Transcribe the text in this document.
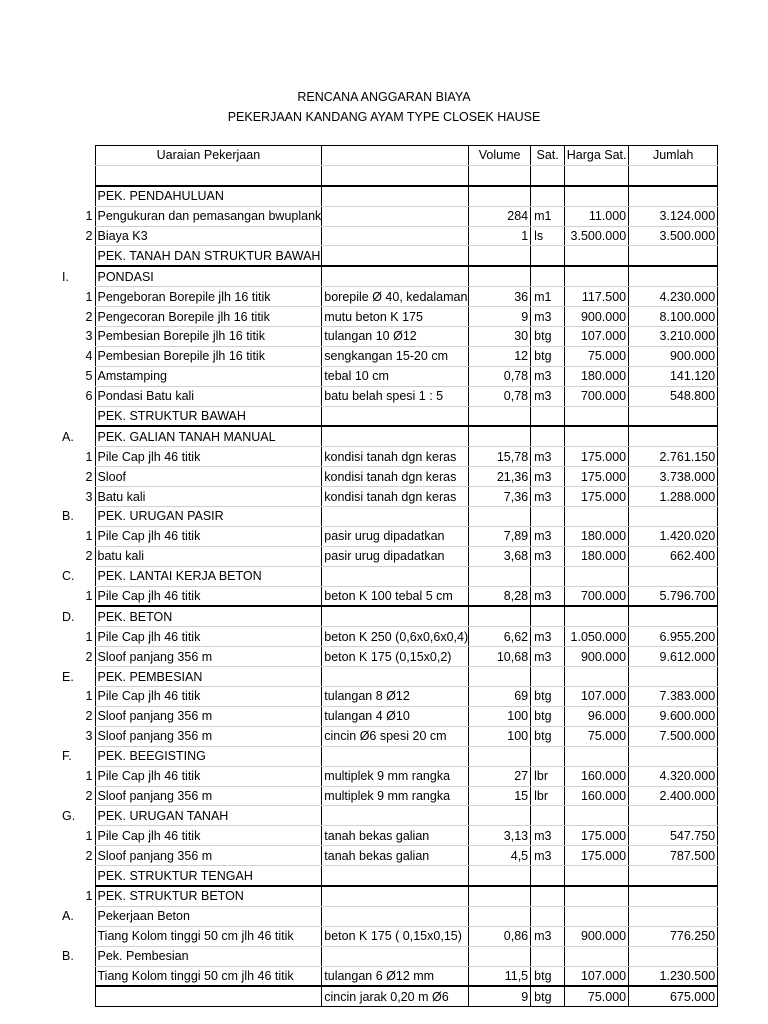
RENCANA ANGGARAN BIAYA
PEKERJAAN KANDANG AYAM TYPE CLOSEK HAUSE
	Uaraian Pekerjaan		Volume	Sat.	Harga Sat.	Jumlah

	PEK. PENDAHULUAN					
1	Pengukuran dan pemasangan bwuplank		284	m1	11.000	3.124.000
2	Biaya K3		1	ls	3.500.000	3.500.000
	PEK. TANAH DAN STRUKTUR BAWAH					
I.	PONDASI					
1	Pengeboran Borepile jlh 16 titik	borepile Ø 40, kedalaman	36	m1	117.500	4.230.000
2	Pengecoran Borepile jlh 16 titik	mutu beton K 175	9	m3	900.000	8.100.000
3	Pembesian Borepile jlh 16 titik	tulangan 10 Ø12	30	btg	107.000	3.210.000
4	Pembesian Borepile jlh 16 titik	sengkangan 15-20 cm	12	btg	75.000	900.000
5	Amstamping	tebal 10 cm	0,78	m3	180.000	141.120
6	Pondasi Batu kali	batu belah spesi 1 : 5	0,78	m3	700.000	548.800
	PEK. STRUKTUR BAWAH					
A.	PEK. GALIAN TANAH MANUAL					
1	Pile Cap jlh 46 titik	kondisi tanah dgn keras	15,78	m3	175.000	2.761.150
2	Sloof	kondisi tanah dgn keras	21,36	m3	175.000	3.738.000
3	Batu kali	kondisi tanah dgn keras	7,36	m3	175.000	1.288.000
B.	PEK. URUGAN PASIR					
1	Pile Cap jlh 46 titik	pasir urug dipadatkan	7,89	m3	180.000	1.420.020
2	batu kali	pasir urug dipadatkan	3,68	m3	180.000	662.400
C.	PEK. LANTAI KERJA BETON					
1	Pile Cap jlh 46 titik	beton K 100 tebal 5 cm	8,28	m3	700.000	5.796.700
D.	PEK. BETON					
1	Pile Cap jlh 46 titik	beton K 250 (0,6x0,6x0,4)	6,62	m3	1.050.000	6.955.200
2	Sloof panjang 356 m	beton K 175 (0,15x0,2)	10,68	m3	900.000	9.612.000
E.	PEK. PEMBESIAN					
1	Pile Cap jlh 46 titik	tulangan 8 Ø12	69	btg	107.000	7.383.000
2	Sloof panjang 356 m	tulangan 4 Ø10	100	btg	96.000	9.600.000
3	Sloof panjang 356 m	cincin Ø6 spesi 20 cm	100	btg	75.000	7.500.000
F.	PEK. BEEGISTING					
1	Pile Cap jlh 46 titik	multiplek 9 mm rangka	27	lbr	160.000	4.320.000
2	Sloof panjang 356 m	multiplek 9 mm rangka	15	lbr	160.000	2.400.000
G.	PEK. URUGAN TANAH					
1	Pile Cap jlh 46 titik	tanah bekas galian	3,13	m3	175.000	547.750
2	Sloof panjang 356 m	tanah bekas galian	4,5	m3	175.000	787.500
	PEK. STRUKTUR TENGAH					
1	PEK. STRUKTUR BETON					
A.	Pekerjaan Beton					
	Tiang Kolom tinggi 50 cm jlh 46 titik	beton K 175 ( 0,15x0,15)	0,86	m3	900.000	776.250
B.	Pek. Pembesian					
	Tiang Kolom tinggi 50 cm jlh 46 titik	tulangan 6 Ø12 mm	11,5	btg	107.000	1.230.500
		cincin jarak 0,20 m Ø6	9	btg	75.000	675.000
